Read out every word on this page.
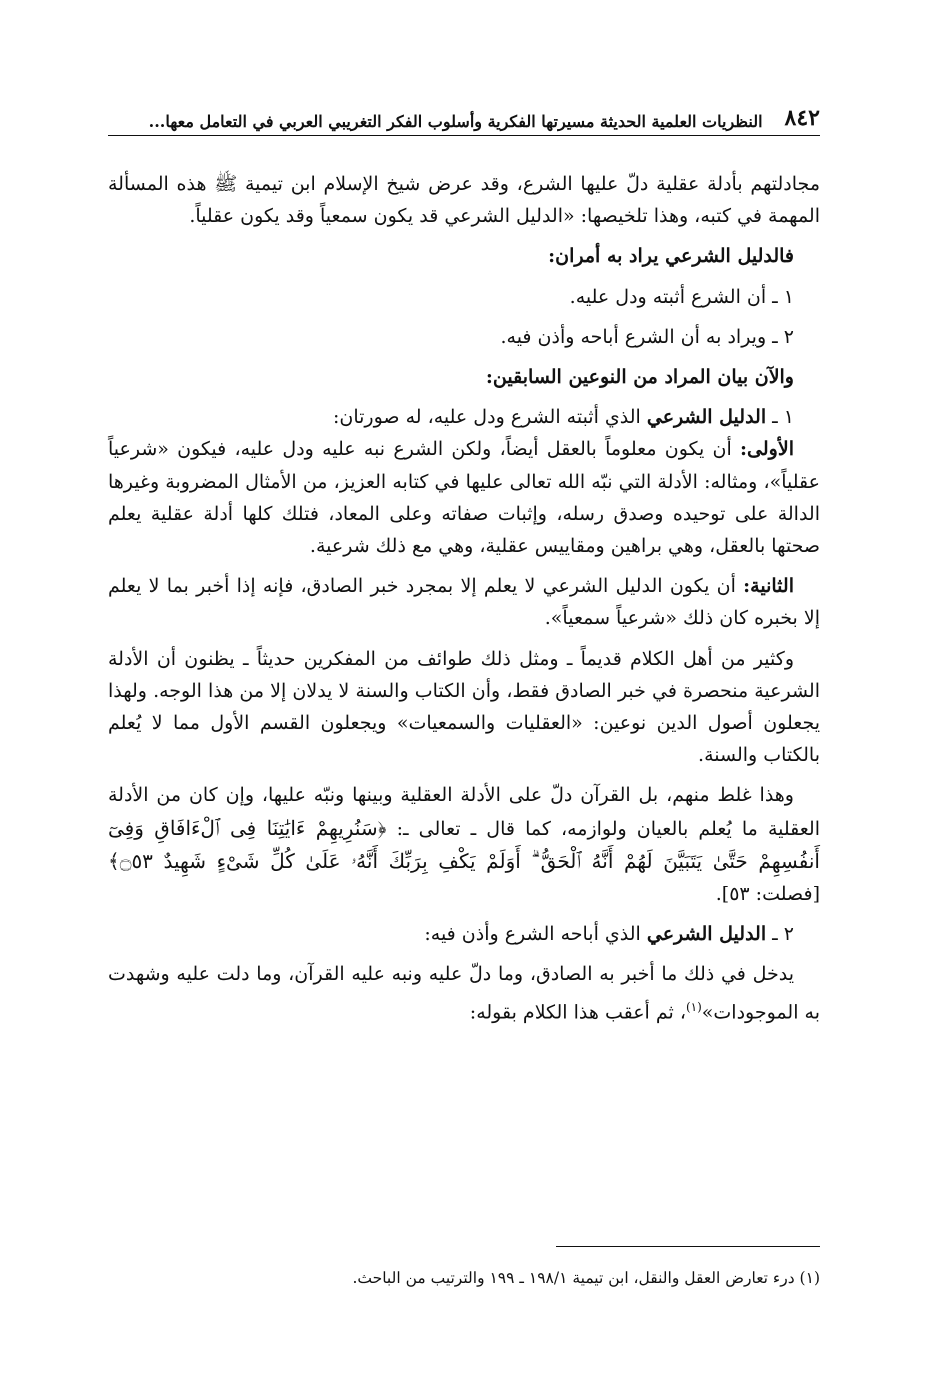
٨٤٢
النظريات العلمية الحديثة مسيرتها الفكرية وأسلوب الفكر التغريبي العربي في التعامل معها...

مجادلتهم بأدلة عقلية دلّ عليها الشرع، وقد عرض شيخ الإسلام ابن تيمية ﷺ هذه المسألة المهمة في كتبه، وهذا تلخيصها: «الدليل الشرعي قد يكون سمعياً وقد يكون عقلياً.

فالدليل الشرعي يراد به أمران:

١ ـ أن الشرع أثبته ودل عليه.

٢ ـ ويراد به أن الشرع أباحه وأذن فيه.

والآن بيان المراد من النوعين السابقين:

١ ـ الدليل الشرعي الذي أثبته الشرع ودل عليه، له صورتان:

الأولى: أن يكون معلوماً بالعقل أيضاً، ولكن الشرع نبه عليه ودل عليه، فيكون «شرعياً عقلياً»، ومثاله: الأدلة التي نبّه الله تعالى عليها في كتابه العزيز، من الأمثال المضروبة وغيرها الدالة على توحيده وصدق رسله، وإثبات صفاته وعلى المعاد، فتلك كلها أدلة عقلية يعلم صحتها بالعقل، وهي براهين ومقاييس عقلية، وهي مع ذلك شرعية.

الثانية: أن يكون الدليل الشرعي لا يعلم إلا بمجرد خبر الصادق، فإنه إذا أخبر بما لا يعلم إلا بخبره كان ذلك «شرعياً سمعياً».

وكثير من أهل الكلام قديماً ـ ومثل ذلك طوائف من المفكرين حديثاً ـ يظنون أن الأدلة الشرعية منحصرة في خبر الصادق فقط، وأن الكتاب والسنة لا يدلان إلا من هذا الوجه. ولهذا يجعلون أصول الدين نوعين: «العقليات والسمعيات» ويجعلون القسم الأول مما لا يُعلم بالكتاب والسنة.

وهذا غلط منهم، بل القرآن دلّ على الأدلة العقلية وبينها ونبّه عليها، وإن كان من الأدلة العقلية ما يُعلم بالعيان ولوازمه، كما قال ـ تعالى ـ: ﴿سَنُرِيهِمْ ءَايَٰتِنَا فِى ٱلْءَافَاقِ وَفِىٓ أَنفُسِهِمْ حَتَّىٰ يَتَبَيَّنَ لَهُمْ أَنَّهُ ٱلْحَقُّ ۗ أَوَلَمْ يَكْفِ بِرَبِّكَ أَنَّهُۥ عَلَىٰ كُلِّ شَىْءٍ شَهِيدٌ ۝٥٣﴾ [فصلت: ٥٣].

٢ ـ الدليل الشرعي الذي أباحه الشرع وأذن فيه:

يدخل في ذلك ما أخبر به الصادق، وما دلّ عليه ونبه عليه القرآن، وما دلت عليه وشهدت به الموجودات»$^{(١)}$، ثم أعقب هذا الكلام بقوله:

(١) درء تعارض العقل والنقل، ابن تيمية ١٩٨/١ ـ ١٩٩ والترتيب من الباحث.
